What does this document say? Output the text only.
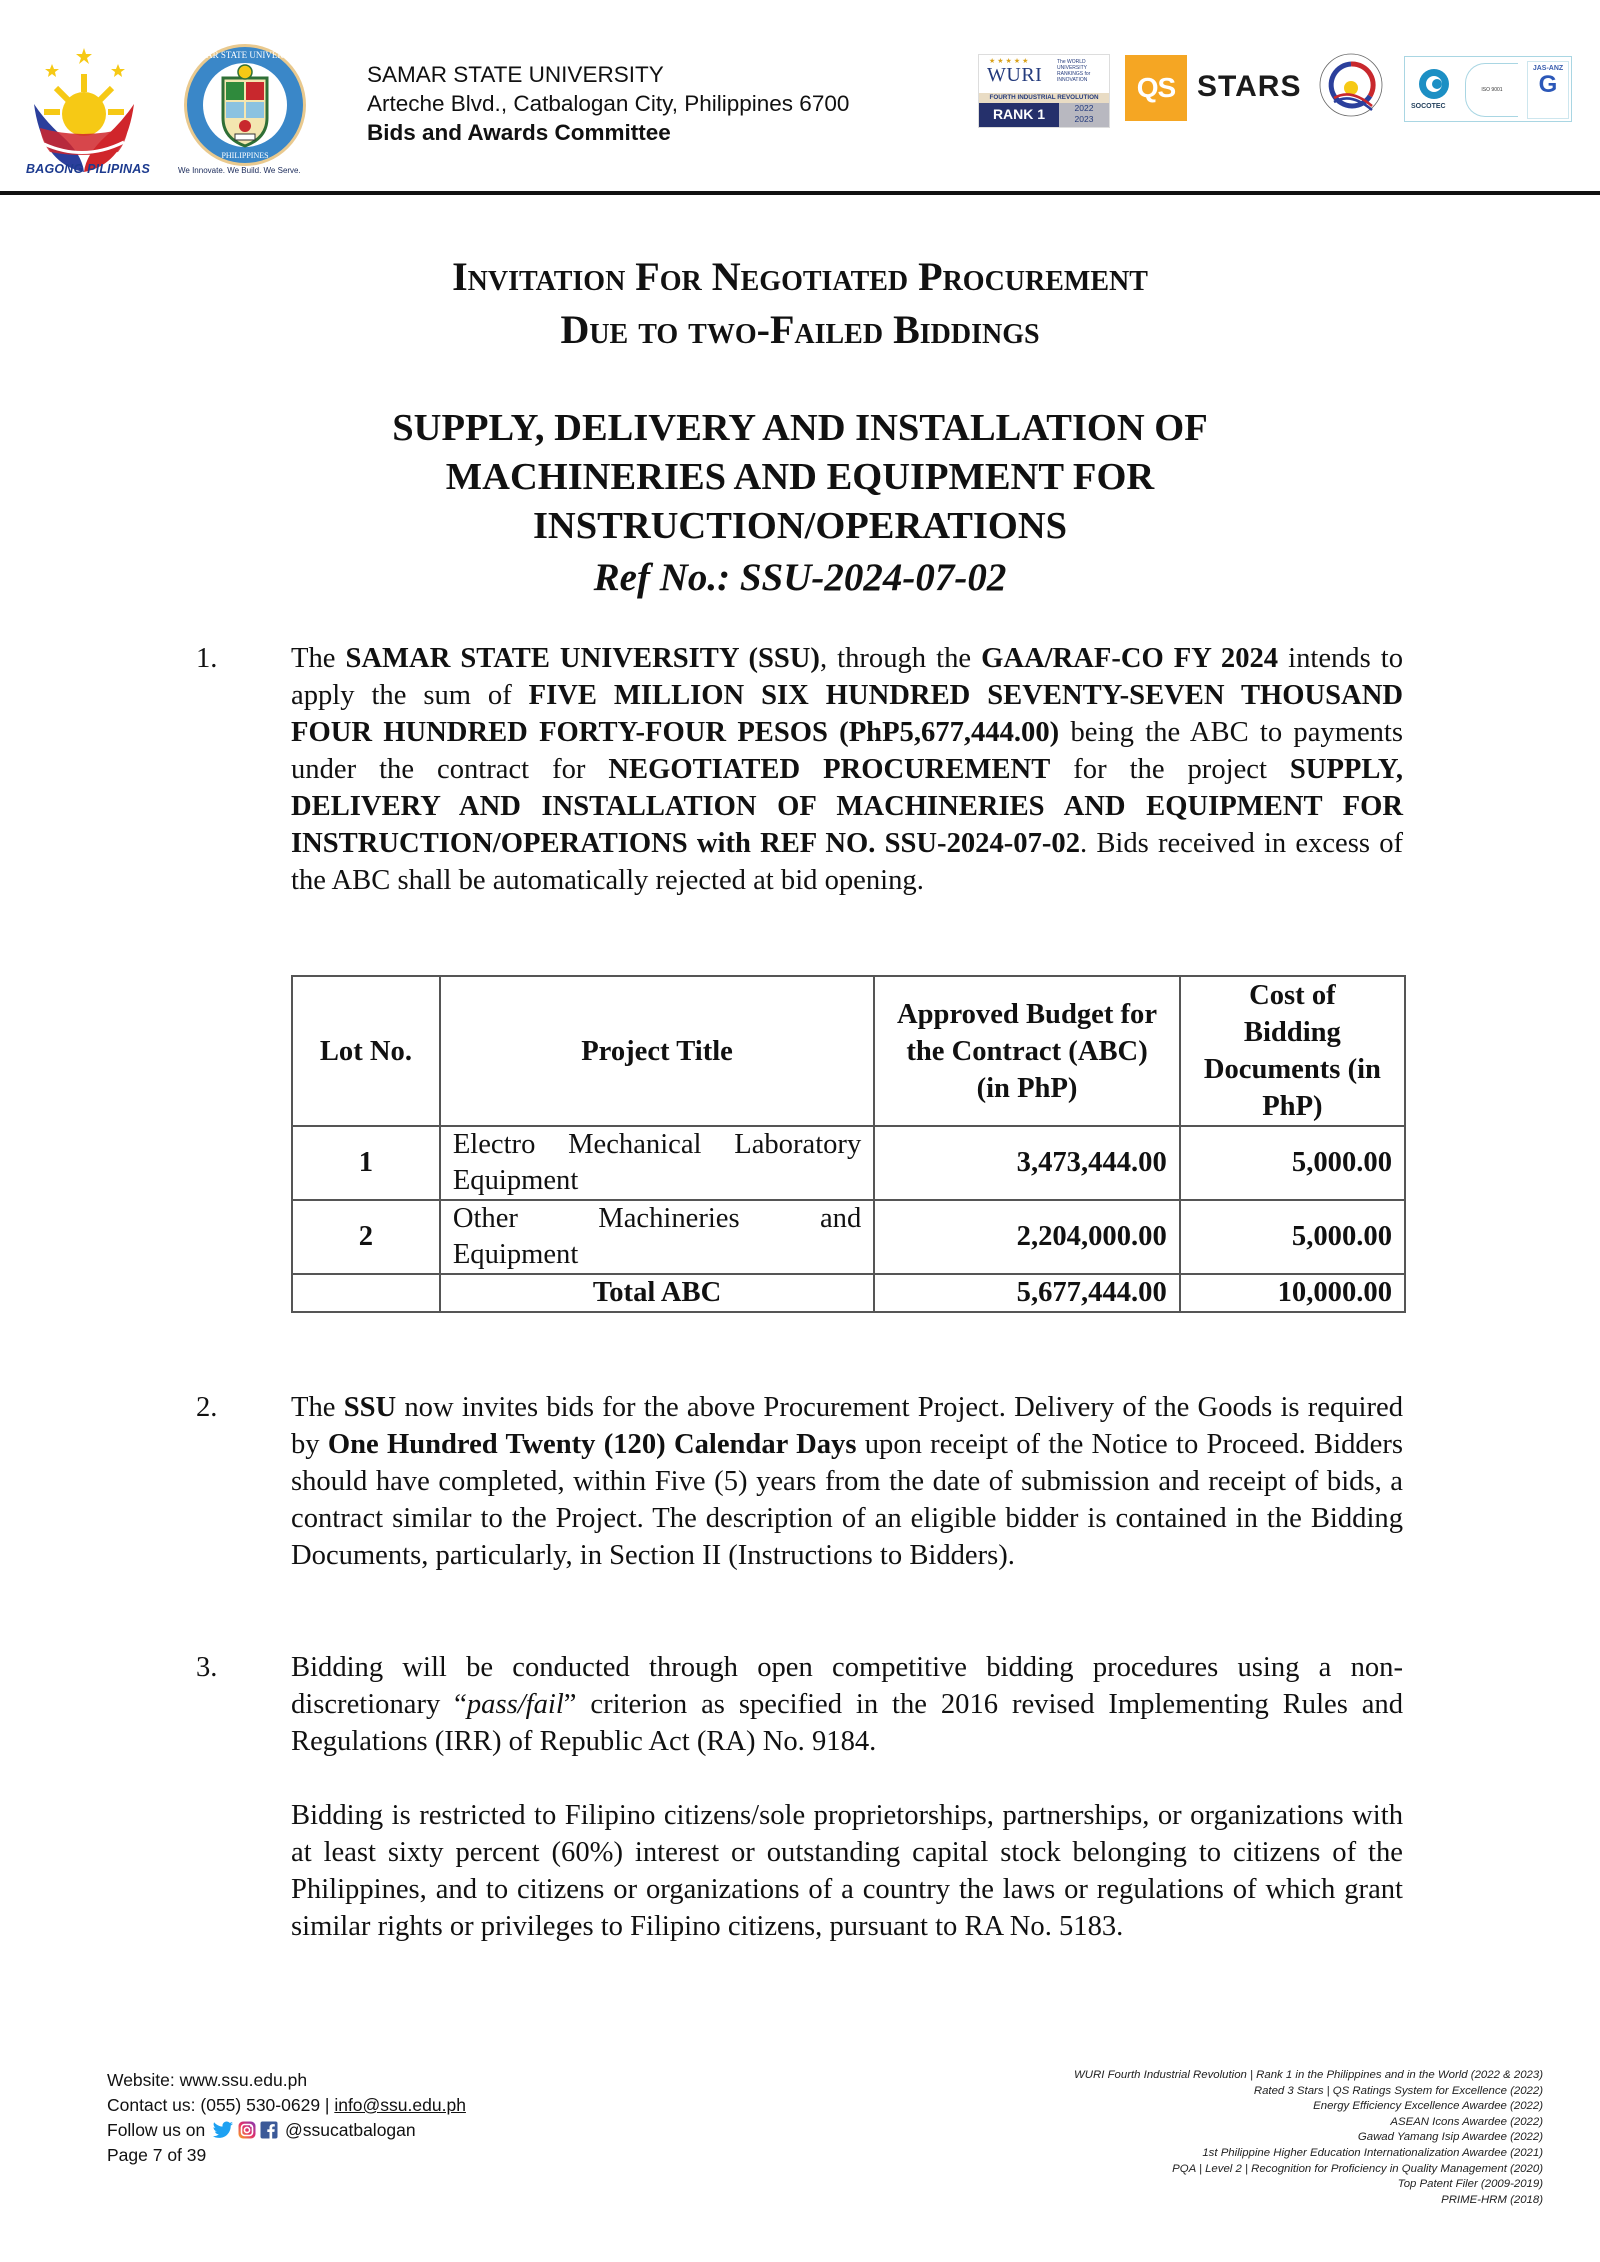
BAGONG PILIPINAS
SAMAR STATE UNIVERSITY
PHILIPPINES
We Innovate. We Build. We Serve.
SAMAR STATE UNIVERSITY
Arteche Blvd., Catbalogan City, Philippines 6700
Bids and Awards Committee
★★★★★
WURI
The WORLD UNIVERSITY RANKINGS for INNOVATION
FOURTH INDUSTRIAL REVOLUTION
RANK 1	2022
2023
QS STARS
SOCOTEC
ISO 9001
JAS-ANZ
G
Invitation For Negotiated Procurement
Due to two-Failed Biddings
SUPPLY, DELIVERY AND INSTALLATION OF
MACHINERIES AND EQUIPMENT FOR
INSTRUCTION/OPERATIONS
Ref No.: SSU-2024-07-02
1.	The SAMAR STATE UNIVERSITY (SSU), through the GAA/RAF-CO FY 2024 intends to apply the sum of FIVE MILLION SIX HUNDRED SEVENTY-SEVEN THOUSAND FOUR HUNDRED FORTY-FOUR PESOS (PhP5,677,444.00) being the ABC to payments under the contract for NEGOTIATED PROCUREMENT for the project SUPPLY, DELIVERY AND INSTALLATION OF MACHINERIES AND EQUIPMENT FOR INSTRUCTION/OPERATIONS with REF NO. SSU-2024-07-02. Bids received in excess of the ABC shall be automatically rejected at bid opening.
Lot No.	Project Title	Approved Budget for the Contract (ABC) (in PhP)	Cost of Bidding Documents (in PhP)
1	Electro Mechanical Laboratory Equipment	3,473,444.00	5,000.00
2	Other Machineries and Equipment	2,204,000.00	5,000.00
	Total ABC	5,677,444.00	10,000.00
2.	The SSU now invites bids for the above Procurement Project. Delivery of the Goods is required by One Hundred Twenty (120) Calendar Days upon receipt of the Notice to Proceed. Bidders should have completed, within Five (5) years from the date of submission and receipt of bids, a contract similar to the Project. The description of an eligible bidder is contained in the Bidding Documents, particularly, in Section II (Instructions to Bidders).
3.	Bidding will be conducted through open competitive bidding procedures using a non-discretionary “pass/fail” criterion as specified in the 2016 revised Implementing Rules and Regulations (IRR) of Republic Act (RA) No. 9184.
Bidding is restricted to Filipino citizens/sole proprietorships, partnerships, or organizations with at least sixty percent (60%) interest or outstanding capital stock belonging to citizens of the Philippines, and to citizens or organizations of a country the laws or regulations of which grant similar rights or privileges to Filipino citizens, pursuant to RA No. 5183.
Website: www.ssu.edu.ph
Contact us: (055) 530-0629 | info@ssu.edu.ph
Follow us on	@ssucatbalogan
Page 7 of 39
WURI Fourth Industrial Revolution | Rank 1 in the Philippines and in the World (2022 & 2023)
Rated 3 Stars | QS Ratings System for Excellence (2022)
Energy Efficiency Excellence Awardee (2022)
ASEAN Icons Awardee (2022)
Gawad Yamang Isip Awardee (2022)
1st Philippine Higher Education Internationalization Awardee (2021)
PQA | Level 2 | Recognition for Proficiency in Quality Management (2020)
Top Patent Filer (2009-2019)
PRIME-HRM (2018)
